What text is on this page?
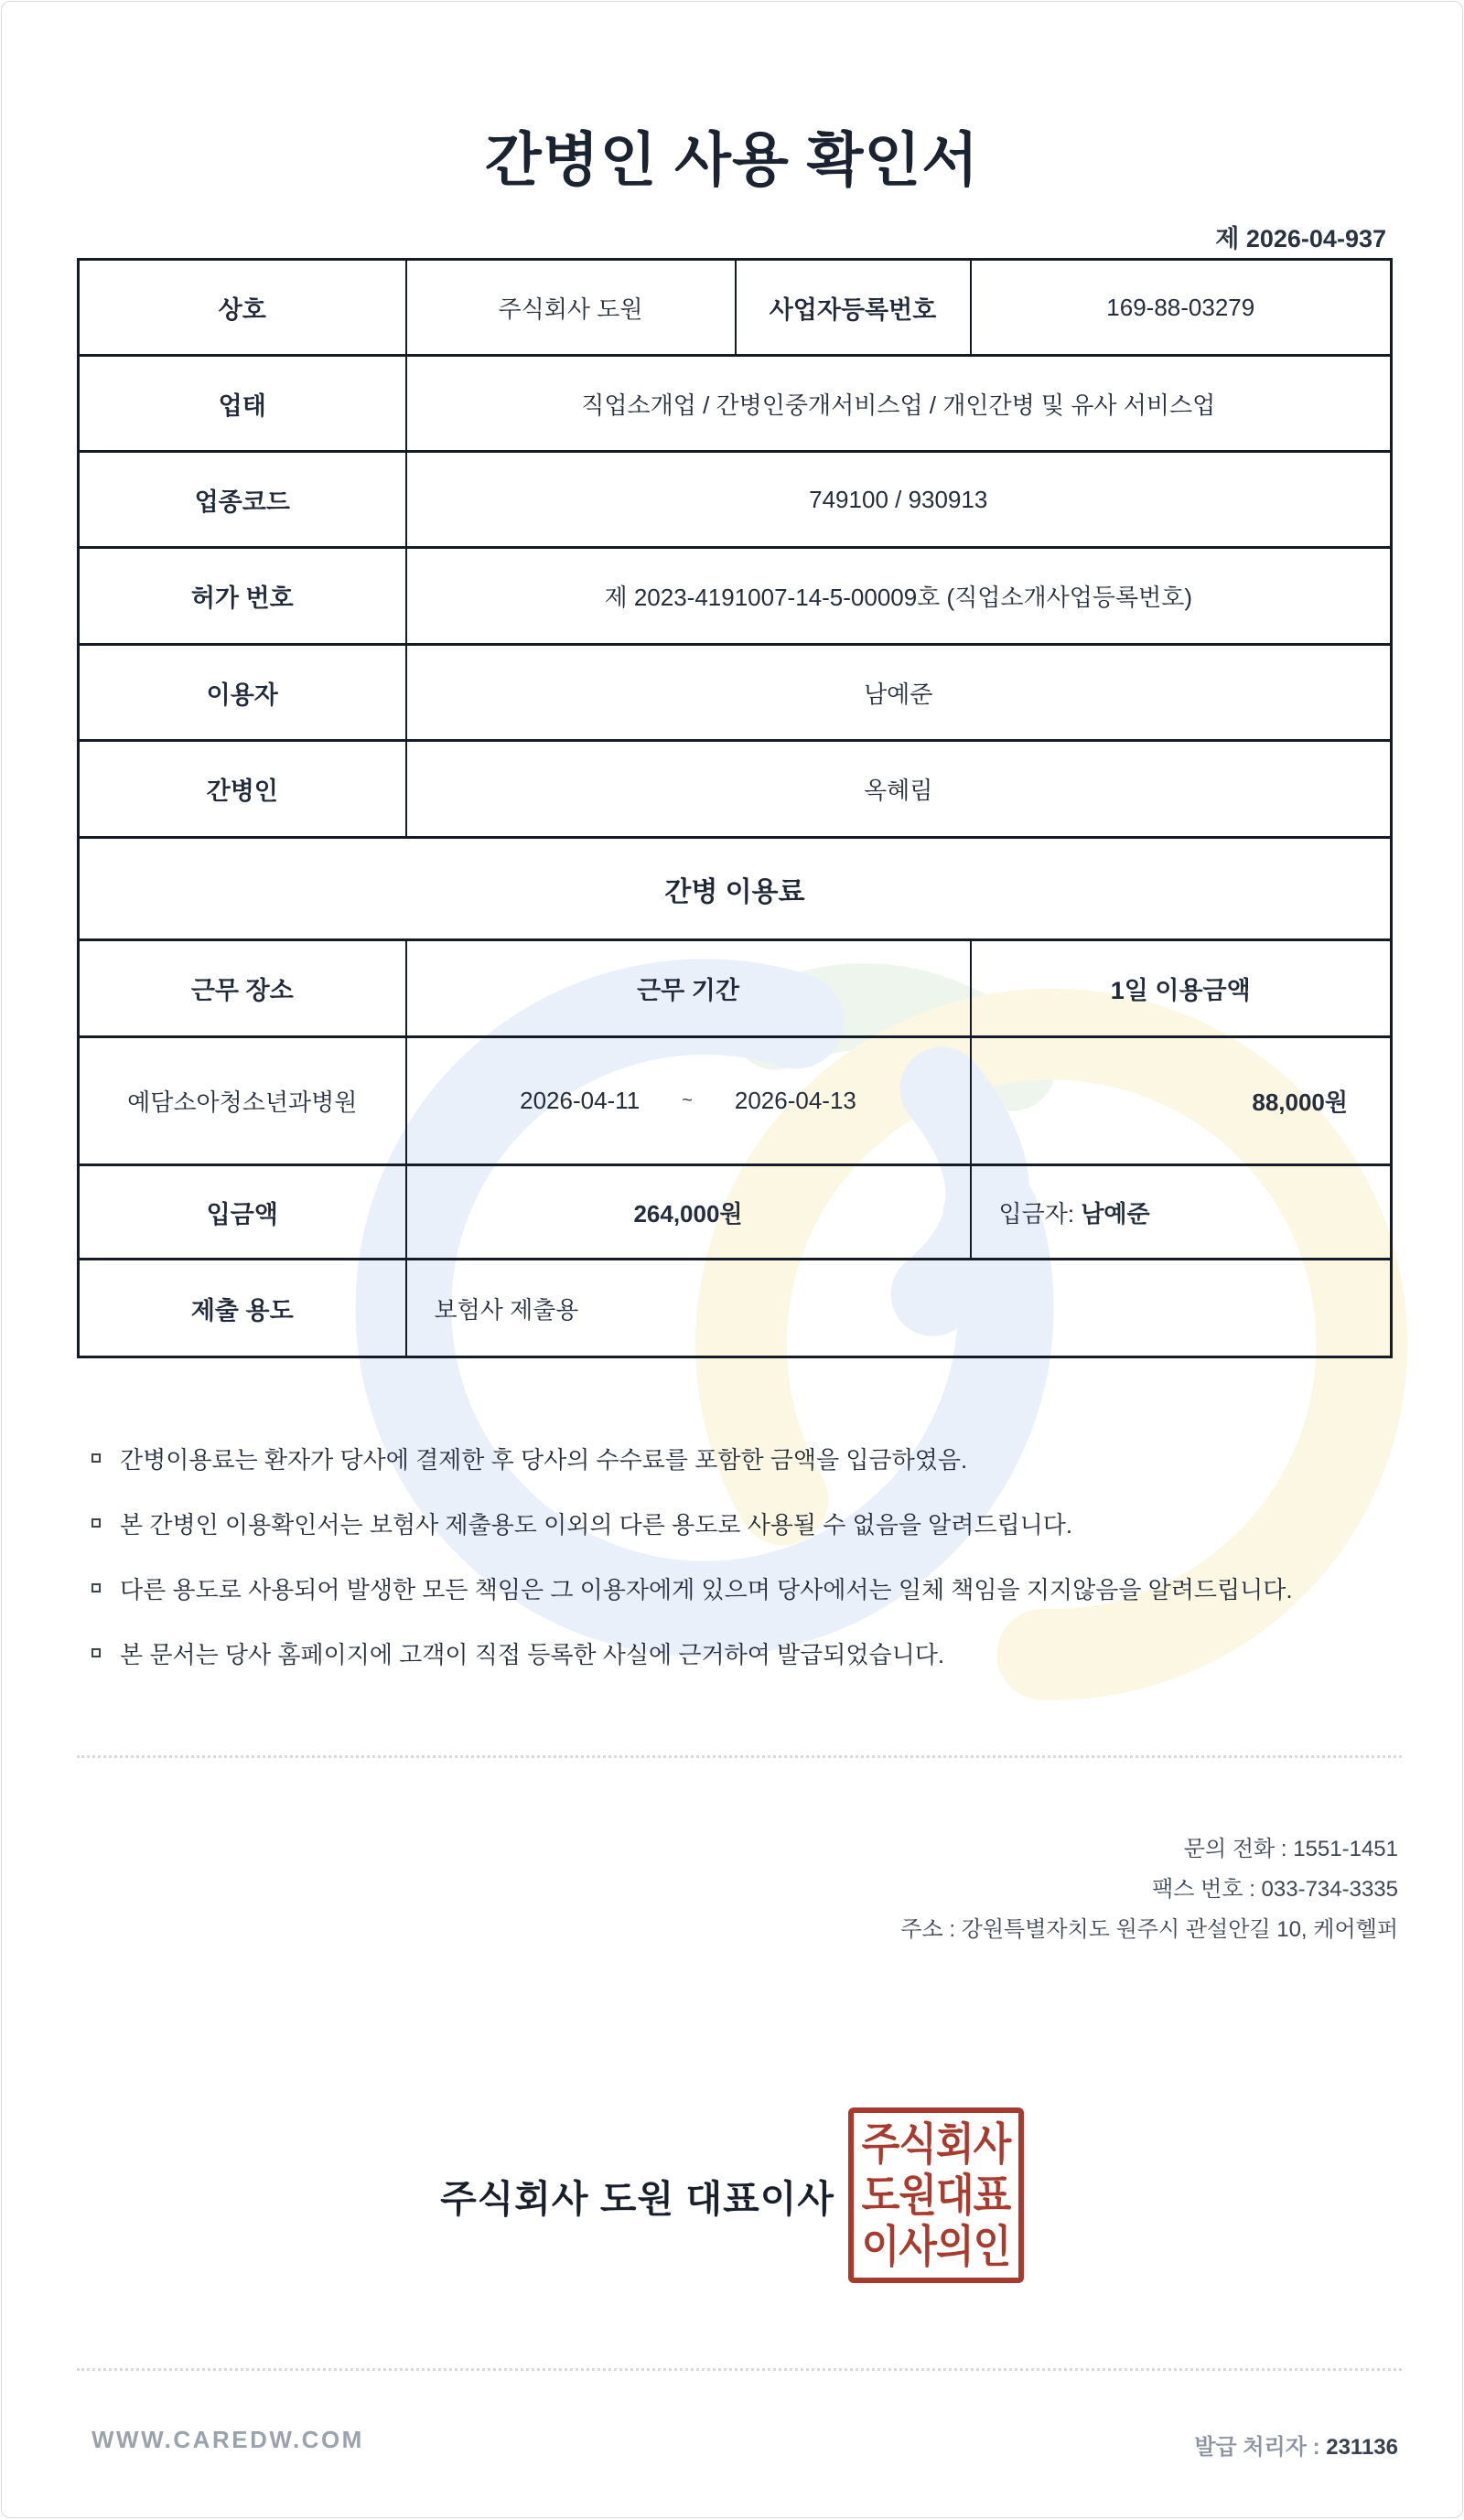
간병인 사용 확인서
제 2026-04-937
상호	주식회사 도원	사업자등록번호	169-88-03279
업태	직업소개업 / 간병인중개서비스업 / 개인간병 및 유사 서비스업		
업종코드	749100 / 930913		
허가 번호	제 2023-4191007-14-5-00009호 (직업소개사업등록번호)		
이용자	남예준		
간병인	옥혜림		
간병 이용료			
근무 장소	근무 기간		1일 이용금액
예담소아청소년과병원	2026-04-11 ~ 2026-04-13		88,000원
입금액	264,000원		입금자: 남예준
제출 용도	보험사 제출용		
간병이용료는 환자가 당사에 결제한 후 당사의 수수료를 포함한 금액을 입금하였음.
본 간병인 이용확인서는 보험사 제출용도 이외의 다른 용도로 사용될 수 없음을 알려드립니다.
다른 용도로 사용되어 발생한 모든 책임은 그 이용자에게 있으며 당사에서는 일체 책임을 지지않음을 알려드립니다.
본 문서는 당사 홈페이지에 고객이 직접 등록한 사실에 근거하여 발급되었습니다.
문의 전화 : 1551-1451
팩스 번호 : 033-734-3335
주소 : 강원특별자치도 원주시 관설안길 10, 케어헬퍼
주식회사 도원 대표이사
주식회사
도원대표
이사의인
WWW.CAREDW.COM	발급 처리자 : 231136
